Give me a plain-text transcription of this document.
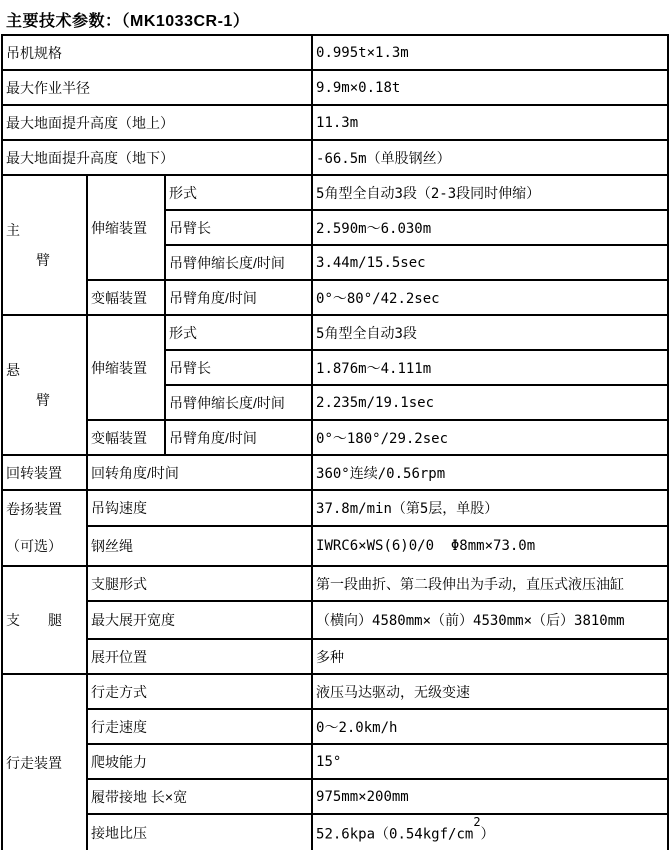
主要技术参数：（MK1033CR-1）
吊机规格			0.995t×1.3m
最大作业半径			9.9m×0.18t
最大地面提升高度（地上）			11.3m
最大地面提升高度（地下）			-66.5m（单股钢丝）

主
臂	伸缩装置	形式	5角型全自动3段（2-3段同时伸缩）
		吊臂长	2.590m～6.030m
		吊臂伸缩长度/时间	3.44m/15.5sec
	变幅装置	吊臂角度/时间	0°～80°/42.2sec

悬
臂	伸缩装置	形式	5角型全自动3段
		吊臂长	1.876m～4.111m
		吊臂伸缩长度/时间	2.235m/19.1sec
	变幅装置	吊臂角度/时间	0°～180°/29.2sec
回转装置	回转角度/时间		360°连续/0.56rpm

卷扬装置
（可选）	吊钩速度		37.8m/min（第5层，单股）
	钢丝绳		IWRC6×WS(6)0/0  Φ8mm×73.0m
支　　腿	支腿形式		第一段曲折、第二段伸出为手动，直压式液压油缸
	最大展开宽度		（横向）4580mm×（前）4530mm×（后）3810mm
	展开位置		多种
行走装置	行走方式		液压马达驱动，无级变速
	行走速度		0～2.0km/h
	爬坡能力		15°
	履带接地 长×宽		975mm×200mm
	接地比压		$52.6kpa(0.54kgf/cm^2)$
